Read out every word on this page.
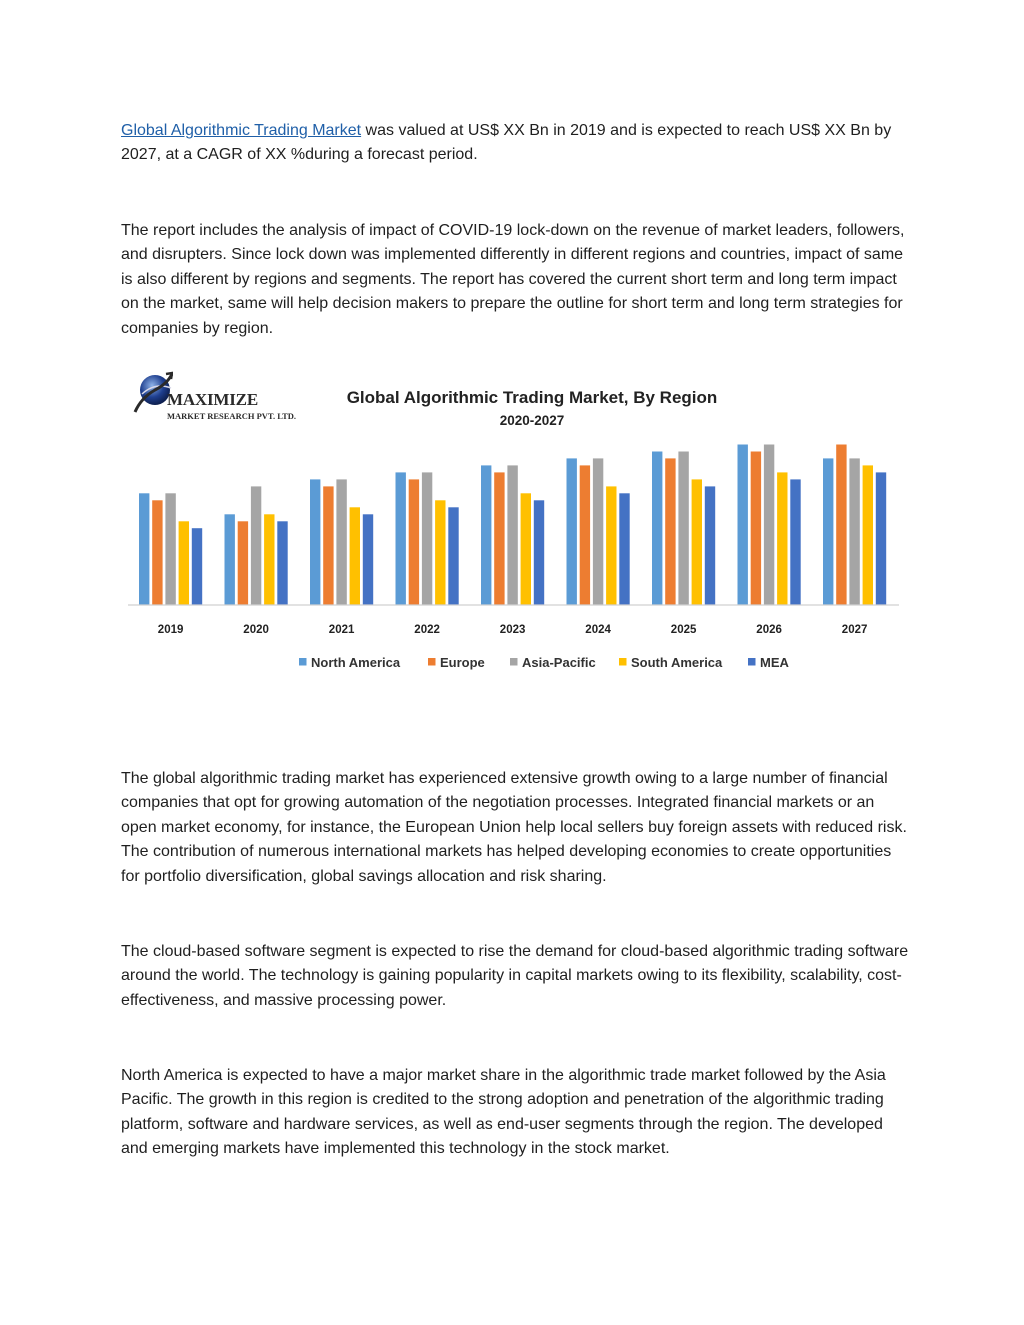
Global Algorithmic Trading Market was valued at US$ XX Bn in 2019 and is expected to reach US$ XX Bn by 2027, at a CAGR of XX %during a forecast period.

The report includes the analysis of impact of COVID-19 lock-down on the revenue of market leaders, followers, and disrupters. Since lock down was implemented differently in different regions and countries, impact of same is also different by regions and segments. The report has covered the current short term and long term impact on the market, same will help decision makers to prepare the outline for short term and long term strategies for companies by region.

MAXIMIZE
MARKET RESEARCH PVT. LTD.
Global Algorithmic Trading Market, By Region
2020-2027
2019	2020	2021	2022	2023	2024	2025	2026	2027
North America	Europe	Asia-Pacific	South America	MEA

The global algorithmic trading market has experienced extensive growth owing to a large number of financial companies that opt for growing automation of the negotiation processes. Integrated financial markets or an open market economy, for instance, the European Union help local sellers buy foreign assets with reduced risk. The contribution of numerous international markets has helped developing economies to create opportunities for portfolio diversification, global savings allocation and risk sharing.

The cloud-based software segment is expected to rise the demand for cloud-based algorithmic trading software around the world. The technology is gaining popularity in capital markets owing to its flexibility, scalability, cost-effectiveness, and massive processing power.

North America is expected to have a major market share in the algorithmic trade market followed by the Asia Pacific. The growth in this region is credited to the strong adoption and penetration of the algorithmic trading platform, software and hardware services, as well as end-user segments through the region. The developed and emerging markets have implemented this technology in the stock market.
